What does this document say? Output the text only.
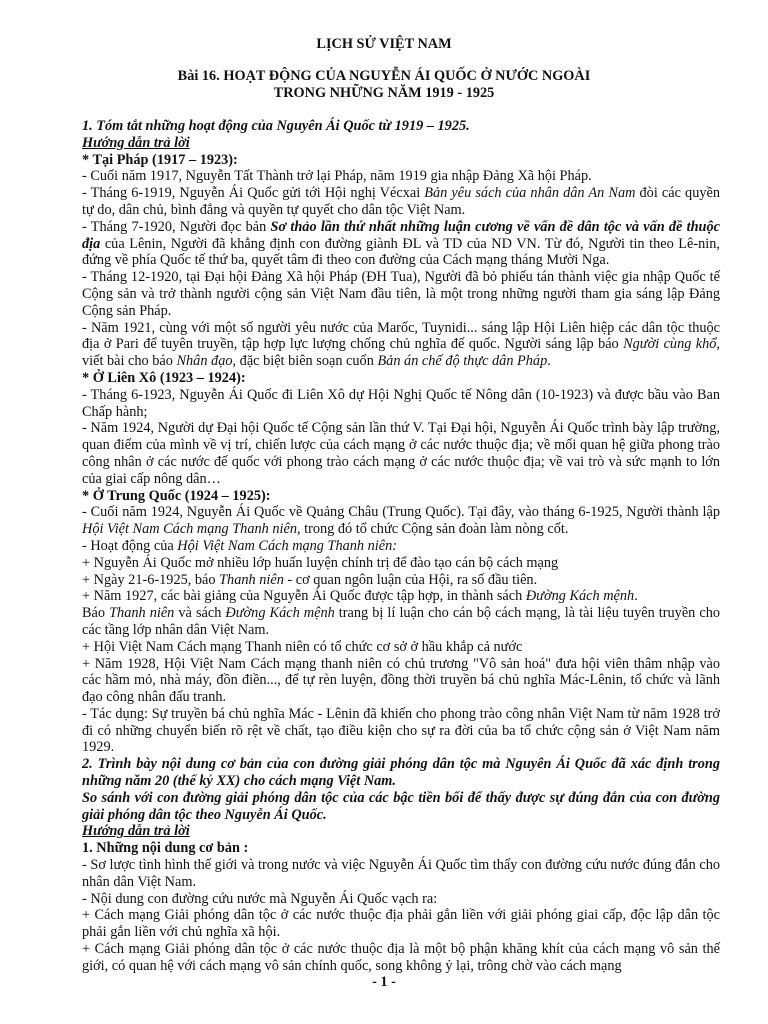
LỊCH SỬ VIỆT NAM
Bài 16. HOẠT ĐỘNG CỦA NGUYỄN ÁI QUỐC Ở NƯỚC NGOÀI
TRONG NHỮNG NĂM 1919 - 1925

1. Tóm tắt những hoạt động của Nguyên Ái Quốc từ 1919 – 1925.

Hướng dẫn trả lời

* Tại Pháp (1917 – 1923):

- Cuối năm 1917, Nguyễn Tất Thành trở lại Pháp, năm 1919 gia nhập Đảng Xã hội Pháp.

- Tháng 6-1919, Nguyễn Ái Quốc gửi tới Hội nghị Vécxai Bản yêu sách của nhân dân An Nam đòi các quyền tự do, dân chủ, bình đẳng và quyền tự quyết cho dân tộc Việt Nam.

- Tháng 7-1920, Người đọc bản Sơ thảo lần thứ nhất những luận cương về vấn đề dân tộc và vấn đề thuộc địa của Lênin, Người đã khẳng định con đường giành ĐL và TD của ND VN. Từ đó, Người tin theo Lê-nin, đứng về phía Quốc tế thứ ba, quyết tâm đi theo con đường của Cách mạng tháng Mười Nga.

- Tháng 12-1920, tại Đại hội Đảng Xã hội Pháp (ĐH Tua), Người đã bỏ phiếu tán thành việc gia nhập Quốc tế Cộng sản và trở thành người cộng sản Việt Nam đầu tiên, là một trong những người tham gia sáng lập Đảng Cộng sản Pháp.

- Năm 1921, cùng với một số người yêu nước của Marốc, Tuynidi... sáng lập Hội Liên hiệp các dân tộc thuộc địa ở Pari để tuyên truyền, tập hợp lực lượng chống chủ nghĩa đế quốc. Người sáng lập báo Người cùng khổ, viết bài cho báo Nhân đạo, đặc biệt biên soạn cuốn Bản án chế độ thực dân Pháp.

* Ở Liên Xô (1923 – 1924):

- Tháng 6-1923, Nguyễn Ái Quốc đi Liên Xô dự Hội Nghị Quốc tế Nông dân (10-1923) và được bầu vào Ban Chấp hành;

- Năm 1924, Người dự Đại hội Quốc tế Cộng sản lần thứ V. Tại Đại hội, Nguyễn Ái Quốc trình bày lập trường, quan điểm của mình về vị trí, chiến lược của cách mạng ở các nước thuộc địa; về mối quan hệ giữa phong trào công nhân ở các nước đế quốc với phong trào cách mạng ở các nước thuộc địa; về vai trò và sức mạnh to lớn của giai cấp nông dân…

* Ở Trung Quốc (1924 – 1925):

- Cuối năm 1924, Nguyễn Ái Quốc về Quảng Châu (Trung Quốc). Tại đây, vào tháng 6-1925, Người thành lập Hội Việt Nam Cách mạng Thanh niên, trong đó tổ chức Cộng sản đoàn làm nòng cốt.

- Hoạt động của Hội Việt Nam Cách mạng Thanh niên:

+ Nguyễn Ái Quốc mở nhiều lớp huấn luyện chính trị để đào tạo cán bộ cách mạng

+ Ngày 21-6-1925, báo Thanh niên - cơ quan ngôn luận của Hội, ra số đầu tiên.

+ Năm 1927, các bài giảng của Nguyễn Ái Quốc được tập hợp, in thành sách Đường Kách mệnh.

Báo Thanh niên và sách Đường Kách mệnh trang bị lí luận cho cán bộ cách mạng, là tài liệu tuyên truyền cho các tầng lớp nhân dân Việt Nam.

+ Hội Việt Nam Cách mạng Thanh niên có tổ chức cơ sở ở hầu khắp cả nước

+ Năm 1928, Hội Việt Nam Cách mạng thanh niên có chủ trương "Vô sản hoá" đưa hội viên thâm nhập vào các hầm mỏ, nhà máy, đồn điền..., để tự rèn luyện, đồng thời truyền bá chủ nghĩa Mác-Lênin, tổ chức và lãnh đạo công nhân đấu tranh.

- Tác dụng: Sự truyền bá chủ nghĩa Mác - Lênin đã khiến cho phong trào công nhân Việt Nam từ năm 1928 trở đi có những chuyển biến rõ rệt về chất, tạo điều kiện cho sự ra đời của ba tổ chức cộng sản ở Việt Nam năm 1929.

2. Trình bày nội dung cơ bản của con đường giải phóng dân tộc mà Nguyên Ái Quốc đã xác định trong những năm 20 (thế kỷ XX) cho cách mạng Việt Nam.

So sánh với con đường giải phóng dân tộc của các bậc tiền bối để thấy được sự đúng đắn của con đường giải phóng dân tộc theo Nguyễn Ái Quốc.

Hướng dẫn trả lời

1. Những nội dung cơ bản :

- Sơ lược tình hình thế giới và trong nước và việc Nguyễn Ái Quốc tìm thấy con đường cứu nước đúng đắn cho nhân dân Việt Nam.

- Nội dung con đường cứu nước mà Nguyễn Ái Quốc vạch ra:

+ Cách mạng Giải phóng dân tộc ở các nước thuộc địa phải gắn liền với giải phóng giai cấp, độc lập dân tộc phải gắn liền với chủ nghĩa xã hội.

+ Cách mạng Giải phóng dân tộc ở các nước thuộc địa là một bộ phận khăng khít của cách mạng vô sản thế giới, có quan hệ với cách mạng vô sản chính quốc, song không ỷ lại, trông chờ vào cách mạng

- 1 -
